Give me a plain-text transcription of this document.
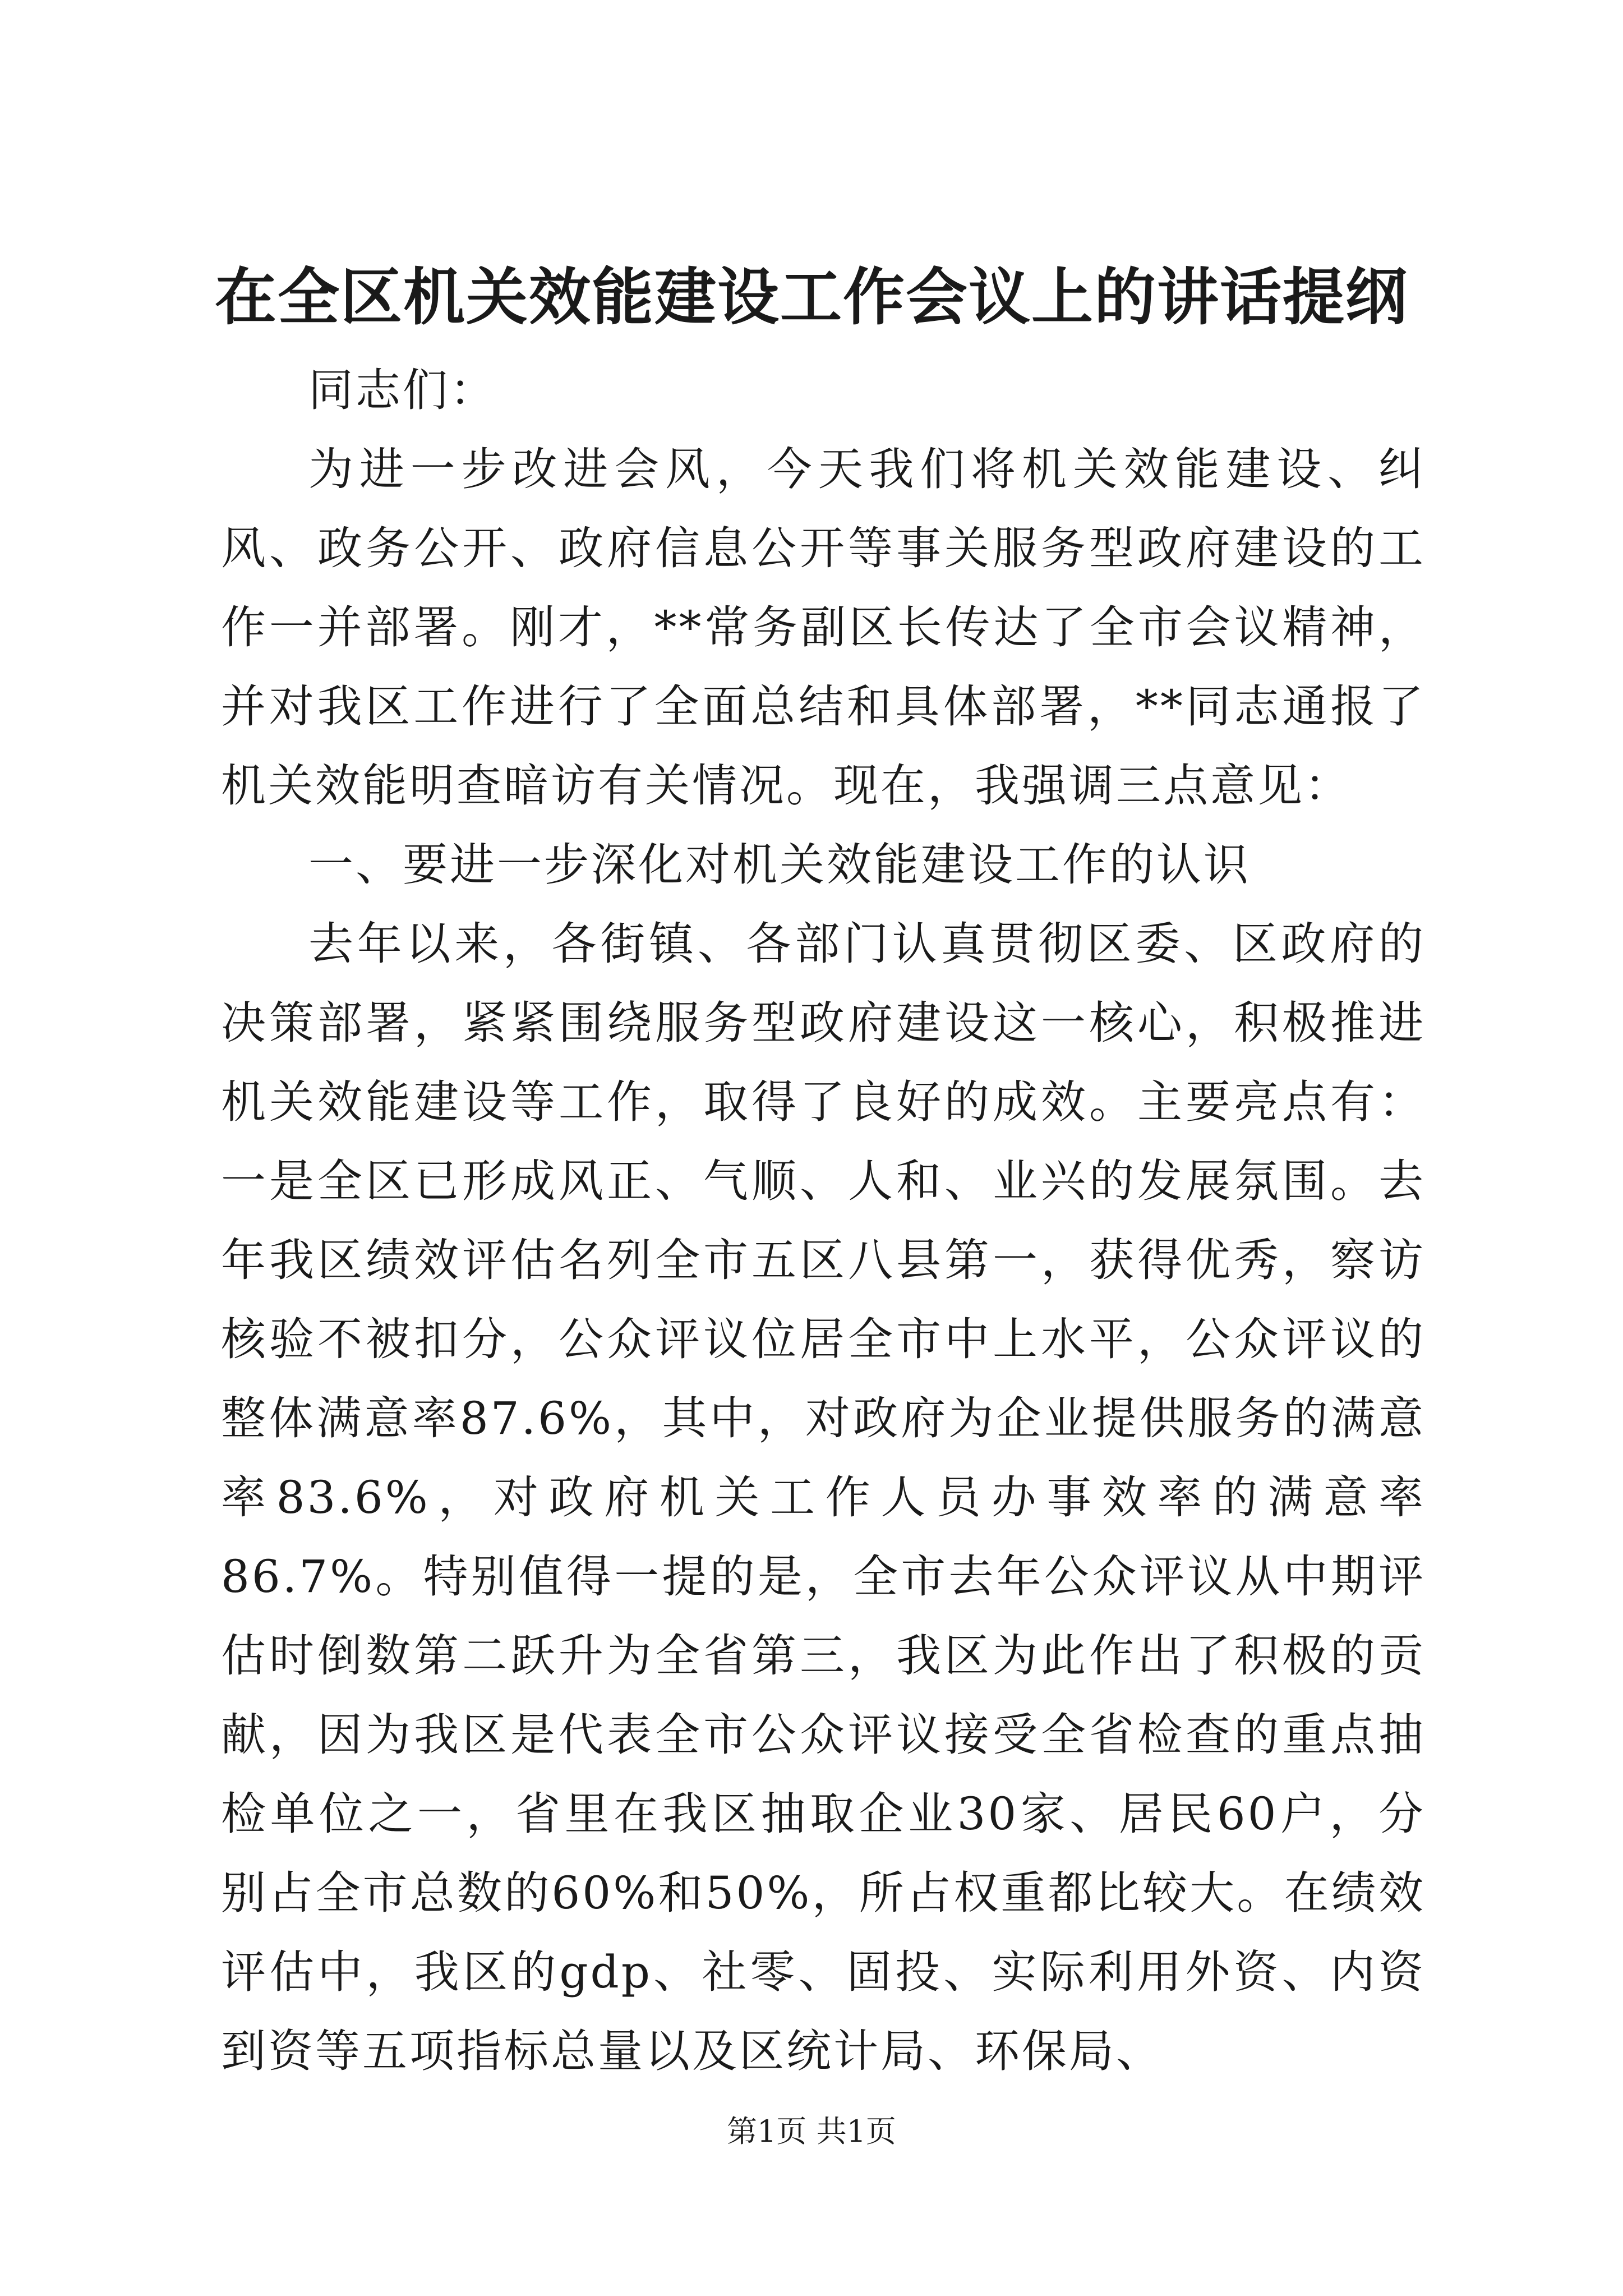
在全区机关效能建设工作会议上的讲话提纲

同志们：

为进一步改进会风，今天我们将机关效能建设、纠风、政务公开、政府信息公开等事关服务型政府建设的工作一并部署。刚才，**常务副区长传达了全市会议精神，并对我区工作进行了全面总结和具体部署，**同志通报了机关效能明查暗访有关情况。现在，我强调三点意见：

一、要进一步深化对机关效能建设工作的认识

去年以来，各街镇、各部门认真贯彻区委、区政府的决策部署，紧紧围绕服务型政府建设这一核心，积极推进机关效能建设等工作，取得了良好的成效。主要亮点有：一是全区已形成风正、气顺、人和、业兴的发展氛围。去年我区绩效评估名列全市五区八县第一，获得优秀，察访核验不被扣分，公众评议位居全市中上水平，公众评议的整体满意率87.6%，其中，对政府为企业提供服务的满意率83.6%，对政府机关工作人员办事效率的满意率86.7%。特别值得一提的是，全市去年公众评议从中期评估时倒数第二跃升为全省第三，我区为此作出了积极的贡献，因为我区是代表全市公众评议接受全省检查的重点抽检单位之一，省里在我区抽取企业30家、居民60户，分别占全市总数的60%和50%，所占权重都比较大。在绩效评估中，我区的gdp、社零、固投、实际利用外资、内资到资等五项指标总量以及区统计局、环保局、

第1页 共1页
